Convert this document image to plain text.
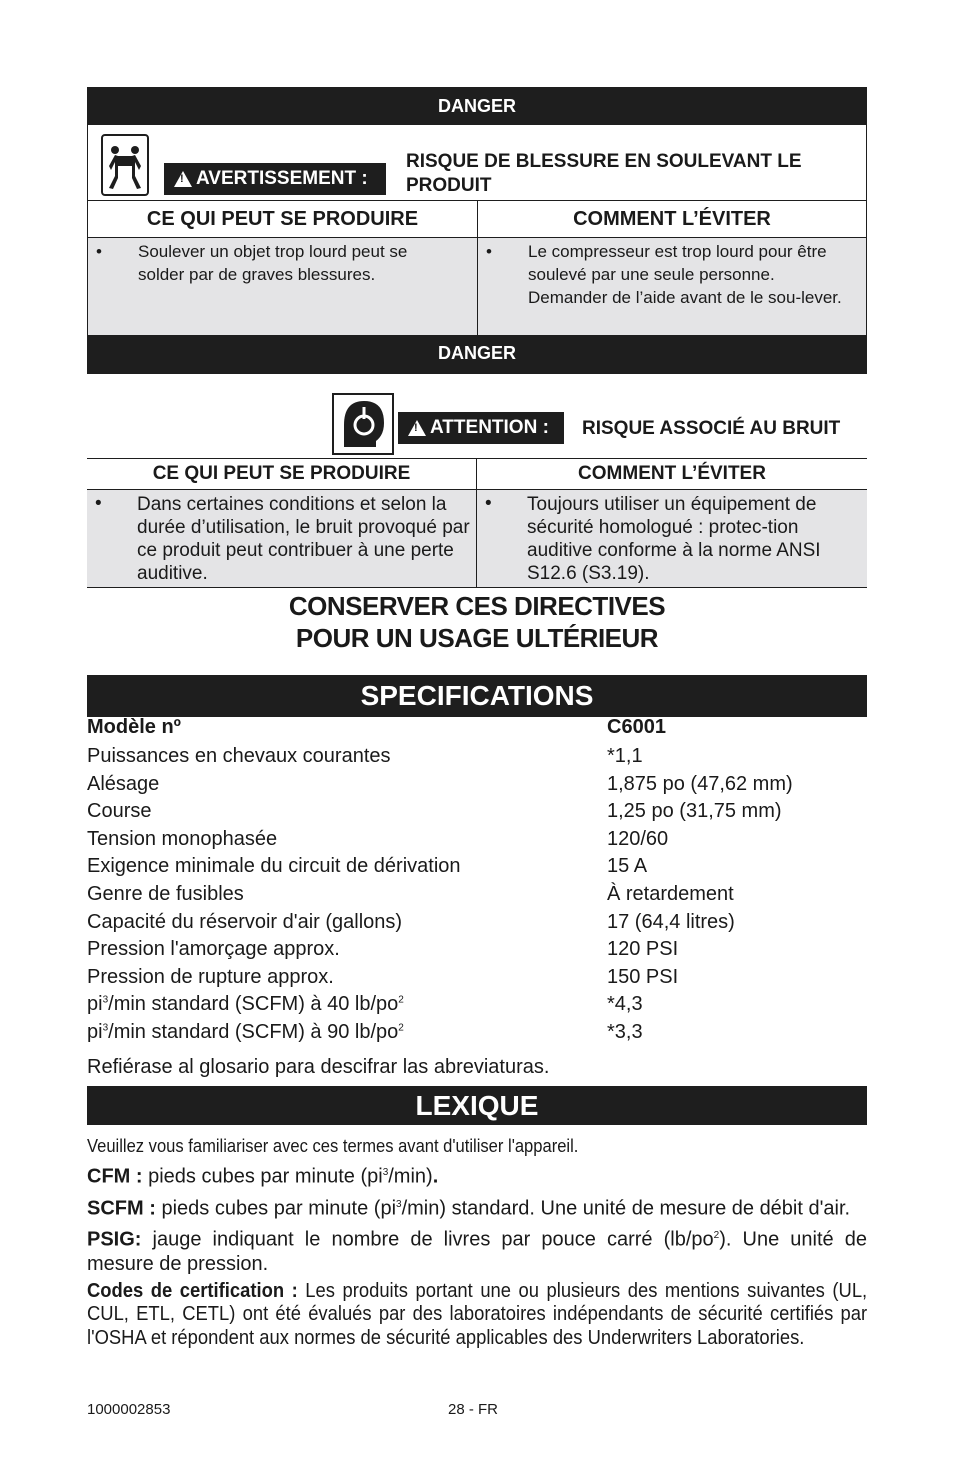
DANGER
!
AVERTISSEMENT :
RISQUE DE BLESSURE EN SOULEVANT LE PRODUIT
CE QUI PEUT SE PRODUIRE	COMMENT L’ÉVITER
• Soulever un objet trop lourd peut se solder par de graves blessures.
• Le compresseur est trop lourd pour être soulevé par une seule personne. Demander de l’aide avant de le sou-lever.
DANGER
!
ATTENTION : RISQUE ASSOCIÉ AU BRUIT
CE QUI PEUT SE PRODUIRE	COMMENT L’ÉVITER
• Dans certaines conditions et selon la durée d’utilisation, le bruit provoqué par ce produit peut contribuer à une perte auditive.
• Toujours utiliser un équipement de sécurité homologué : protec-tion auditive conforme à la norme ANSI S12.6 (S3.19).
CONSERVER CES DIRECTIVES
POUR UN USAGE ULTÉRIEUR
SPECIFICATIONS
Modèle nº	C6001
Puissances en chevaux courantes	*1,1
Alésage	1,875 po (47,62 mm)
Course	1,25 po (31,75 mm)
Tension monophasée	120/60
Exigence minimale du circuit de dérivation	15 A
Genre de fusibles	À retardement
Capacité du réservoir d'air (gallons)	17 (64,4 litres)
Pression l'amorçage approx.	120 PSI
Pression de rupture approx.	150 PSI
$pi^3/\min$ standard (SCFM) à 40 $lb/po^2$	*4,3
$pi^3/\min$ standard (SCFM) à 90 $lb/po^2$	*3,3
Refiérase al glosario para descifrar las abreviaturas.
LEXIQUE

Veuillez vous familiariser avec ces termes avant d'utiliser l'appareil.

CFM : pieds cubes par minute $(pi^3/\min)$.

SCFM : pieds cubes par minute $(pi^3/\min)$ standard. Une unité de mesure de débit d'air.

PSIG: jauge indiquant le nombre de livres par pouce carré $(lb/po^2)$. Une unité de mesure de pression.

Codes de certification : Les produits portant une ou plusieurs des mentions suivantes (UL, CUL, ETL, CETL) ont été évalués par des laboratoires indépendants de sécurité certifiés par l'OSHA et répondent aux normes de sécurité applicables des Underwriters Laboratories.

1000002853	28 - FR
